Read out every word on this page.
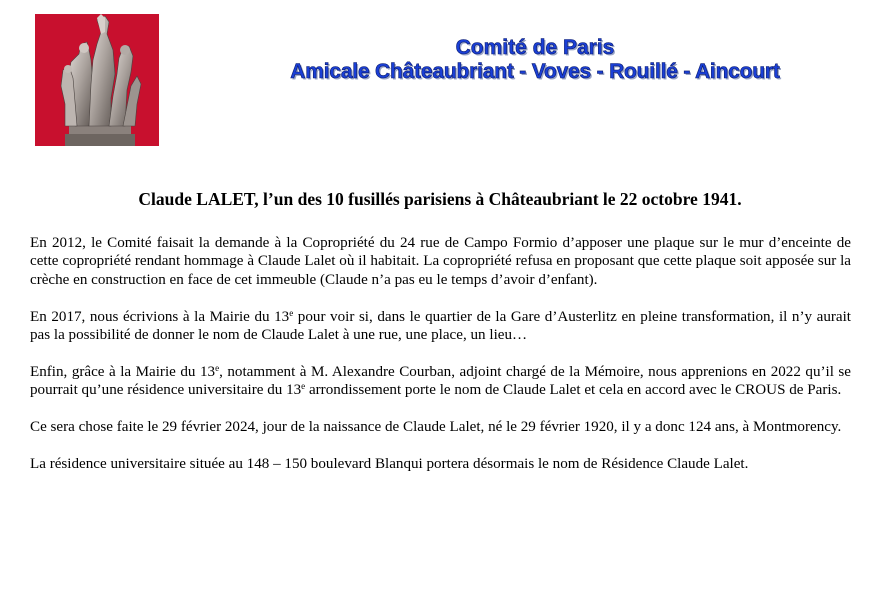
Comité de Paris
Amicale Châteaubriant - Voves - Rouillé - Aincourt
Claude LALET, l’un des 10 fusillés parisiens à Châteaubriant le 22 octobre 1941.

En 2012, le Comité faisait la demande à la Copropriété du 24 rue de Campo Formio d’apposer une plaque sur le mur d’enceinte de cette copropriété rendant hommage à Claude Lalet où il habitait. La copropriété refusa en proposant que cette plaque soit apposée sur la crèche en construction en face de cet immeuble (Claude n’a pas eu le temps d’avoir d’enfant).

En 2017, nous écrivions à la Mairie du 13e pour voir si, dans le quartier de la Gare d’Austerlitz en pleine transformation, il n’y aurait pas la possibilité de donner le nom de Claude Lalet à une rue, une place, un lieu…

Enfin, grâce à la Mairie du 13e, notamment à M. Alexandre Courban, adjoint chargé de la Mémoire, nous apprenions en 2022 qu’il se pourrait qu’une résidence universitaire du 13e arrondissement porte le nom de Claude Lalet et cela en accord avec le CROUS de Paris.

Ce sera chose faite le 29 février 2024, jour de la naissance de Claude Lalet, né le 29 février 1920, il y a donc 124 ans, à Montmorency.

La résidence universitaire située au 148 – 150 boulevard Blanqui portera désormais le nom de Résidence Claude Lalet.
